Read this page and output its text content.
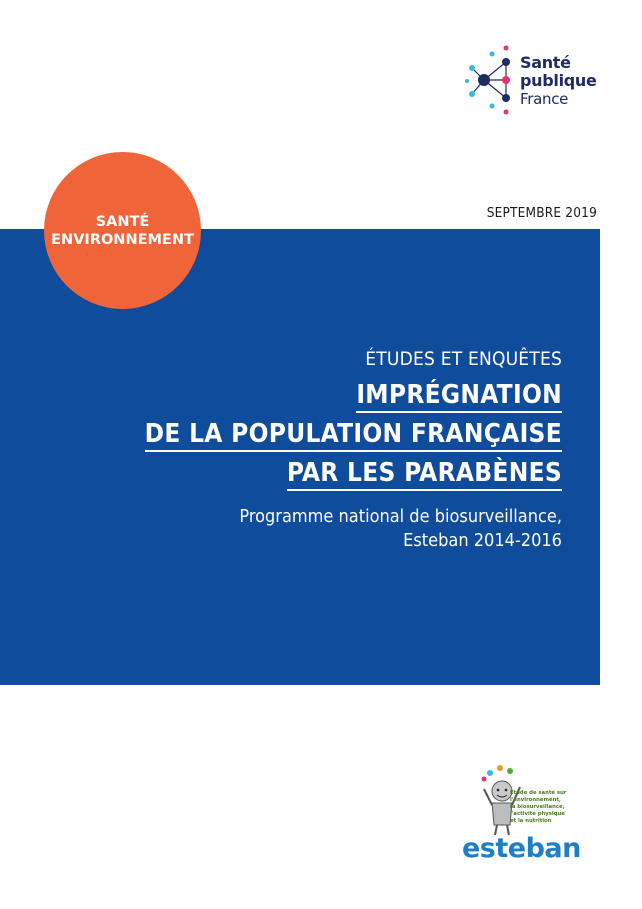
Santé
publique
France
SEPTEMBRE 2019
SANTÉ
ENVIRONNEMENT
ÉTUDES ET ENQUÊTES
IMPRÉGNATION
DE LA POPULATION FRANÇAISE
PAR LES PARABÈNES
Programme national de biosurveillance,
Esteban 2014-2016
Étude de santé sur
l'environnement,
la biosurveillance,
l'activité physique
et la nutrition
esteban
